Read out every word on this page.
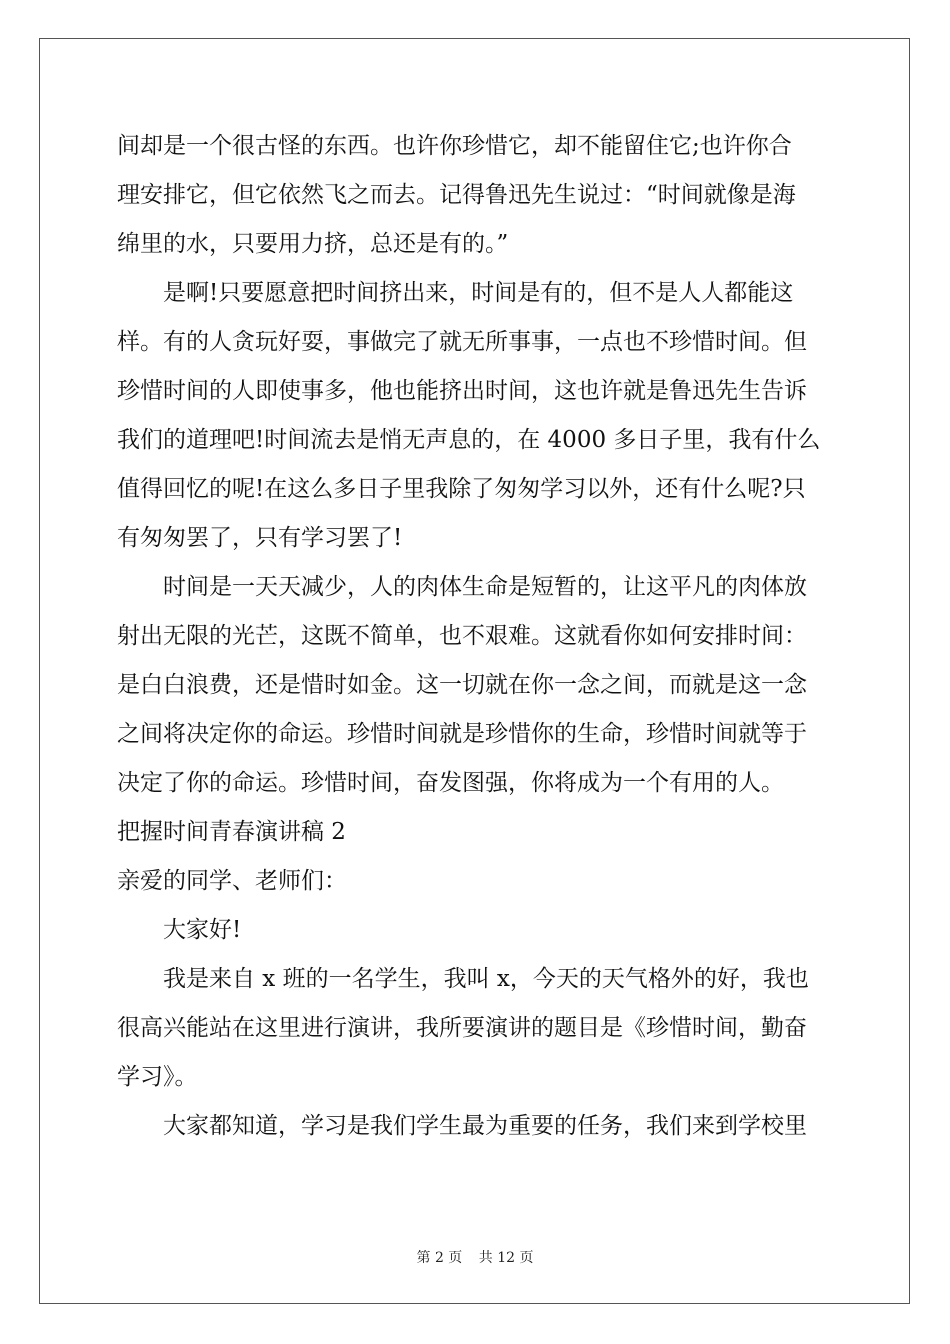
间却是一个很古怪的东西。也许你珍惜它，却不能留住它;也许你合

理安排它，但它依然飞之而去。记得鲁迅先生说过：“时间就像是海

绵里的水，只要用力挤，总还是有的。”

是啊!只要愿意把时间挤出来，时间是有的，但不是人人都能这

样。有的人贪玩好耍，事做完了就无所事事，一点也不珍惜时间。但

珍惜时间的人即使事多，他也能挤出时间，这也许就是鲁迅先生告诉

我们的道理吧!时间流去是悄无声息的，在 4000 多日子里，我有什么

值得回忆的呢!在这么多日子里我除了匆匆学习以外，还有什么呢?只

有匆匆罢了，只有学习罢了!

时间是一天天减少，人的肉体生命是短暂的，让这平凡的肉体放

射出无限的光芒，这既不简单，也不艰难。这就看你如何安排时间：

是白白浪费，还是惜时如金。这一切就在你一念之间，而就是这一念

之间将决定你的命运。珍惜时间就是珍惜你的生命，珍惜时间就等于

决定了你的命运。珍惜时间，奋发图强，你将成为一个有用的人。

把握时间青春演讲稿 2

亲爱的同学、老师们：

大家好!

我是来自 x 班的一名学生，我叫 x，今天的天气格外的好，我也

很高兴能站在这里进行演讲，我所要演讲的题目是《珍惜时间，勤奋

学习》。

大家都知道，学习是我们学生最为重要的任务，我们来到学校里

第 2 页 共 12 页
